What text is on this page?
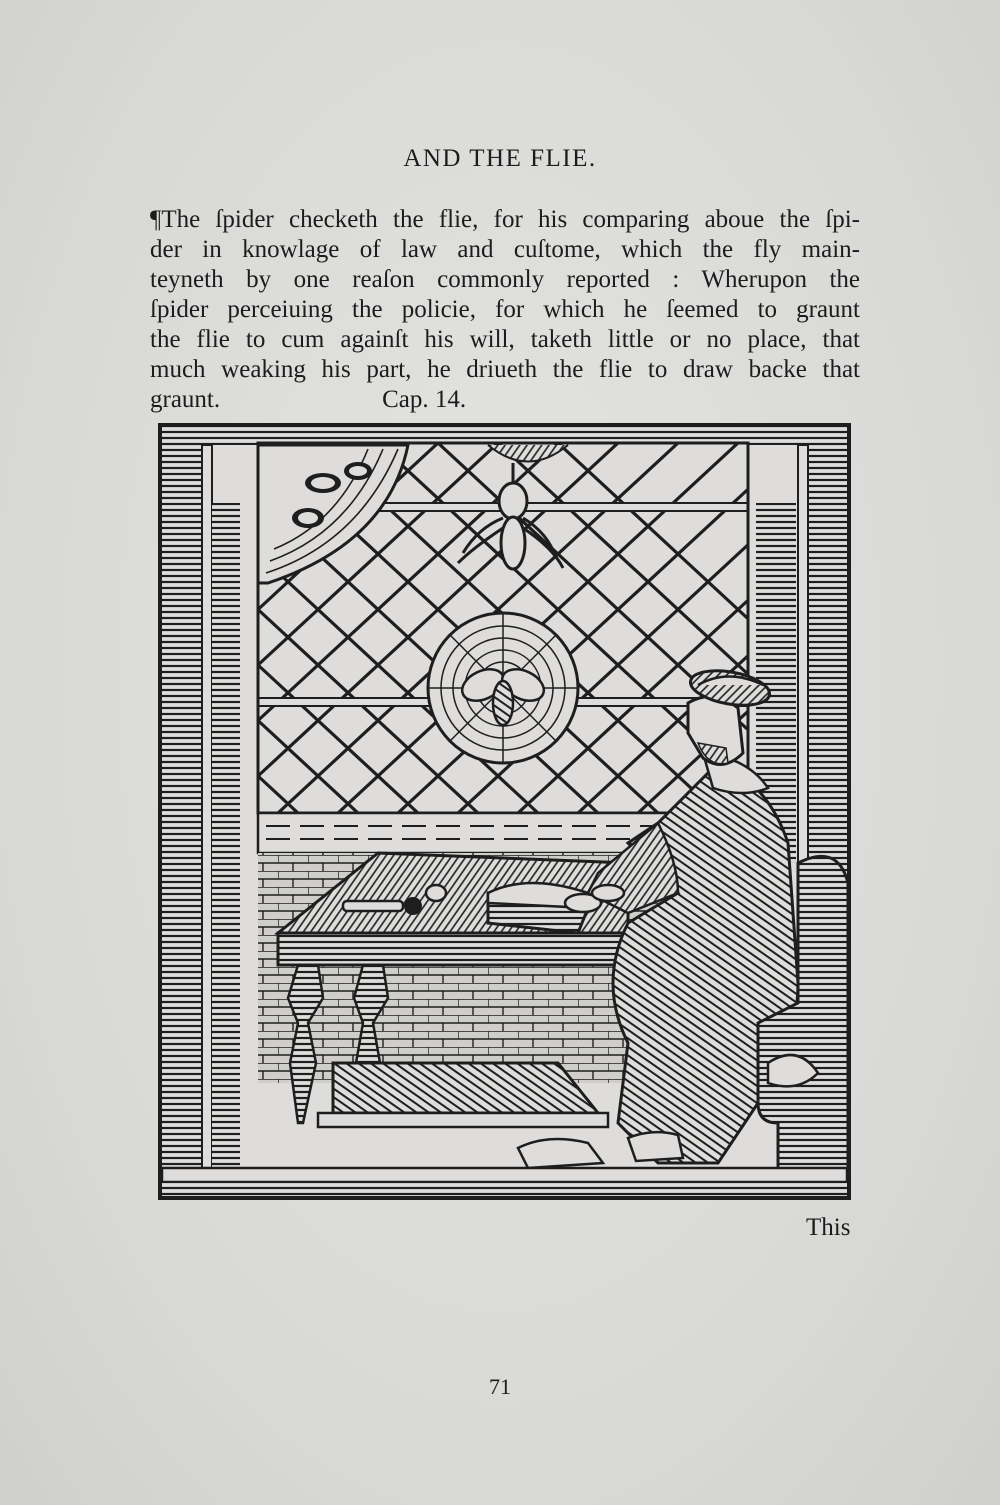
AND THE FLIE.
¶The ſpider checketh the flie, for his comparing aboue the ſpi-
der in knowlage of law and cuſtome, which the fly main-
teyneth by one reaſon commonly reported : Wherupon the
ſpider perceiuing the policie, for which he ſeemed to graunt
the flie to cum againſt his will, taketh little or no place, that
much weaking his part, he driueth the flie to draw backe that
graunt.	Cap. 14.
This
71
